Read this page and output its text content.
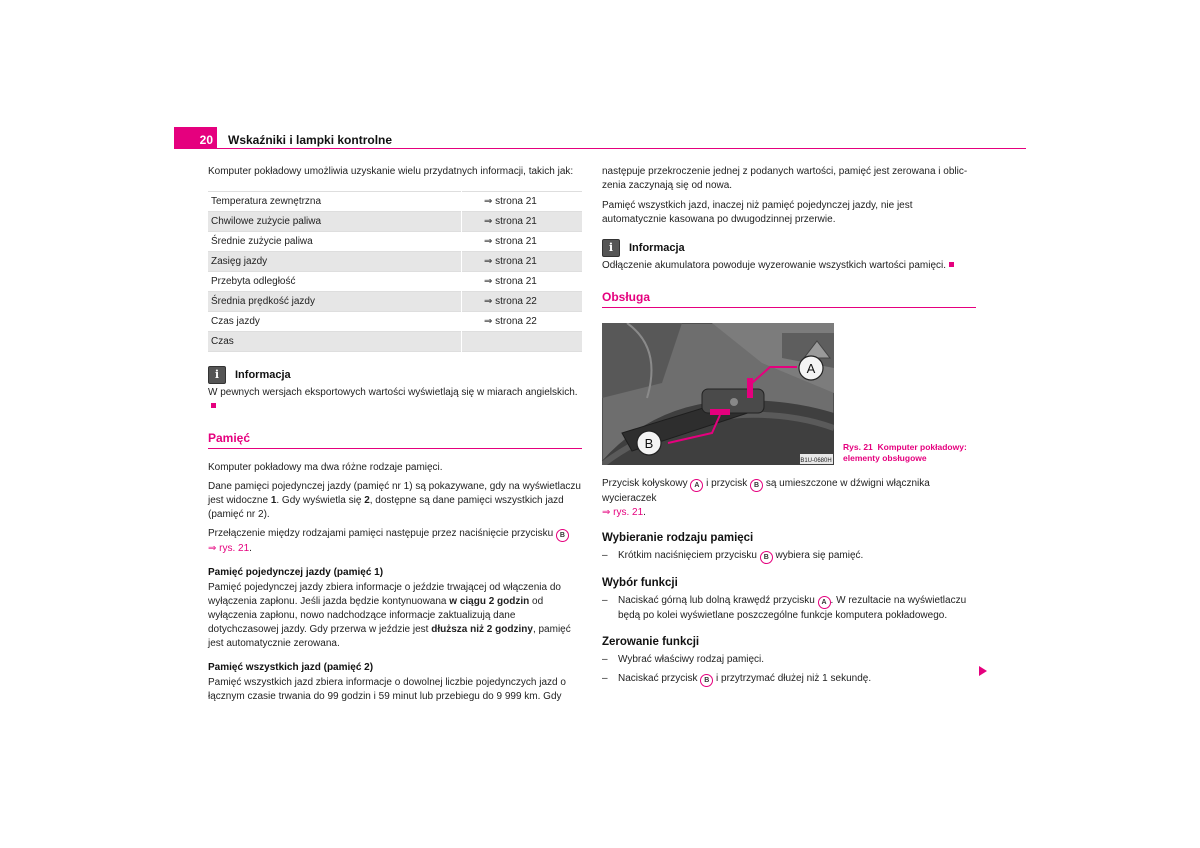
20	Wskaźniki i lampki kontrolne

Komputer pokładowy umożliwia uzyskanie wielu przydatnych informacji, takich jak:

Temperatura zewnętrzna	⇒ strona 21
Chwilowe zużycie paliwa	⇒ strona 21
Średnie zużycie paliwa	⇒ strona 21
Zasięg jazdy	⇒ strona 21
Przebyta odległość	⇒ strona 21
Średnia prędkość jazdy	⇒ strona 22
Czas jazdy	⇒ strona 22
Czas	
i	Informacja

W pewnych wersjach eksportowych wartości wyświetlają się w miarach angielskich.

Pamięć

Komputer pokładowy ma dwa różne rodzaje pamięci.

Dane pamięci pojedynczej jazdy (pamięć nr 1) są pokazywane, gdy na wyświetlaczu jest widoczne 1. Gdy wyświetla się 2, dostępne są dane pamięci wszystkich jazd (pamięć nr 2).

Przełączenie między rodzajami pamięci następuje przez naciśnięcie przycisku B
⇒ rys. 21.

Pamięć pojedynczej jazdy (pamięć 1)

Pamięć pojedynczej jazdy zbiera informacje o jeździe trwającej od włączenia do wyłączenia zapłonu. Jeśli jazda będzie kontynuowana w ciągu 2 godzin od wyłączenia zapłonu, nowo nadchodzące informacje zaktualizują dane dotychczasowej jazdy. Gdy przerwa w jeździe jest dłuższa niż 2 godziny, pamięć jest automatycznie zerowana.

Pamięć wszystkich jazd (pamięć 2)

Pamięć wszystkich jazd zbiera informacje o dowolnej liczbie pojedynczych jazd o łącznym czasie trwania do 99 godzin i 59 minut lub przebiegu do 9 999 km. Gdy

następuje przekroczenie jednej z podanych wartości, pamięć jest zerowana i obliczenia zaczynają się od nowa.

Pamięć wszystkich jazd, inaczej niż pamięć pojedynczej jazdy, nie jest automatycznie kasowana po dwugodzinnej przerwie.

i	Informacja

Odłączenie akumulatora powoduje wyzerowanie wszystkich wartości pamięci.

Obsługa
A
B
B1U-0680H
Rys. 21 Komputer pokładowy: elementy obsługowe

Przycisk kołyskowy A i przycisk B są umieszczone w dźwigni włącznika wycieraczek
⇒ rys. 21.

Wybieranie rodzaju pamięci

– Krótkim naciśnięciem przycisku B wybiera się pamięć.

Wybór funkcji

– Naciskać górną lub dolną krawędź przycisku A . W rezultacie na wyświetlaczu będą po kolei wyświetlane poszczególne funkcje komputera pokładowego.

Zerowanie funkcji

– Wybrać właściwy rodzaj pamięci.

– Naciskać przycisk B i przytrzymać dłużej niż 1 sekundę.
